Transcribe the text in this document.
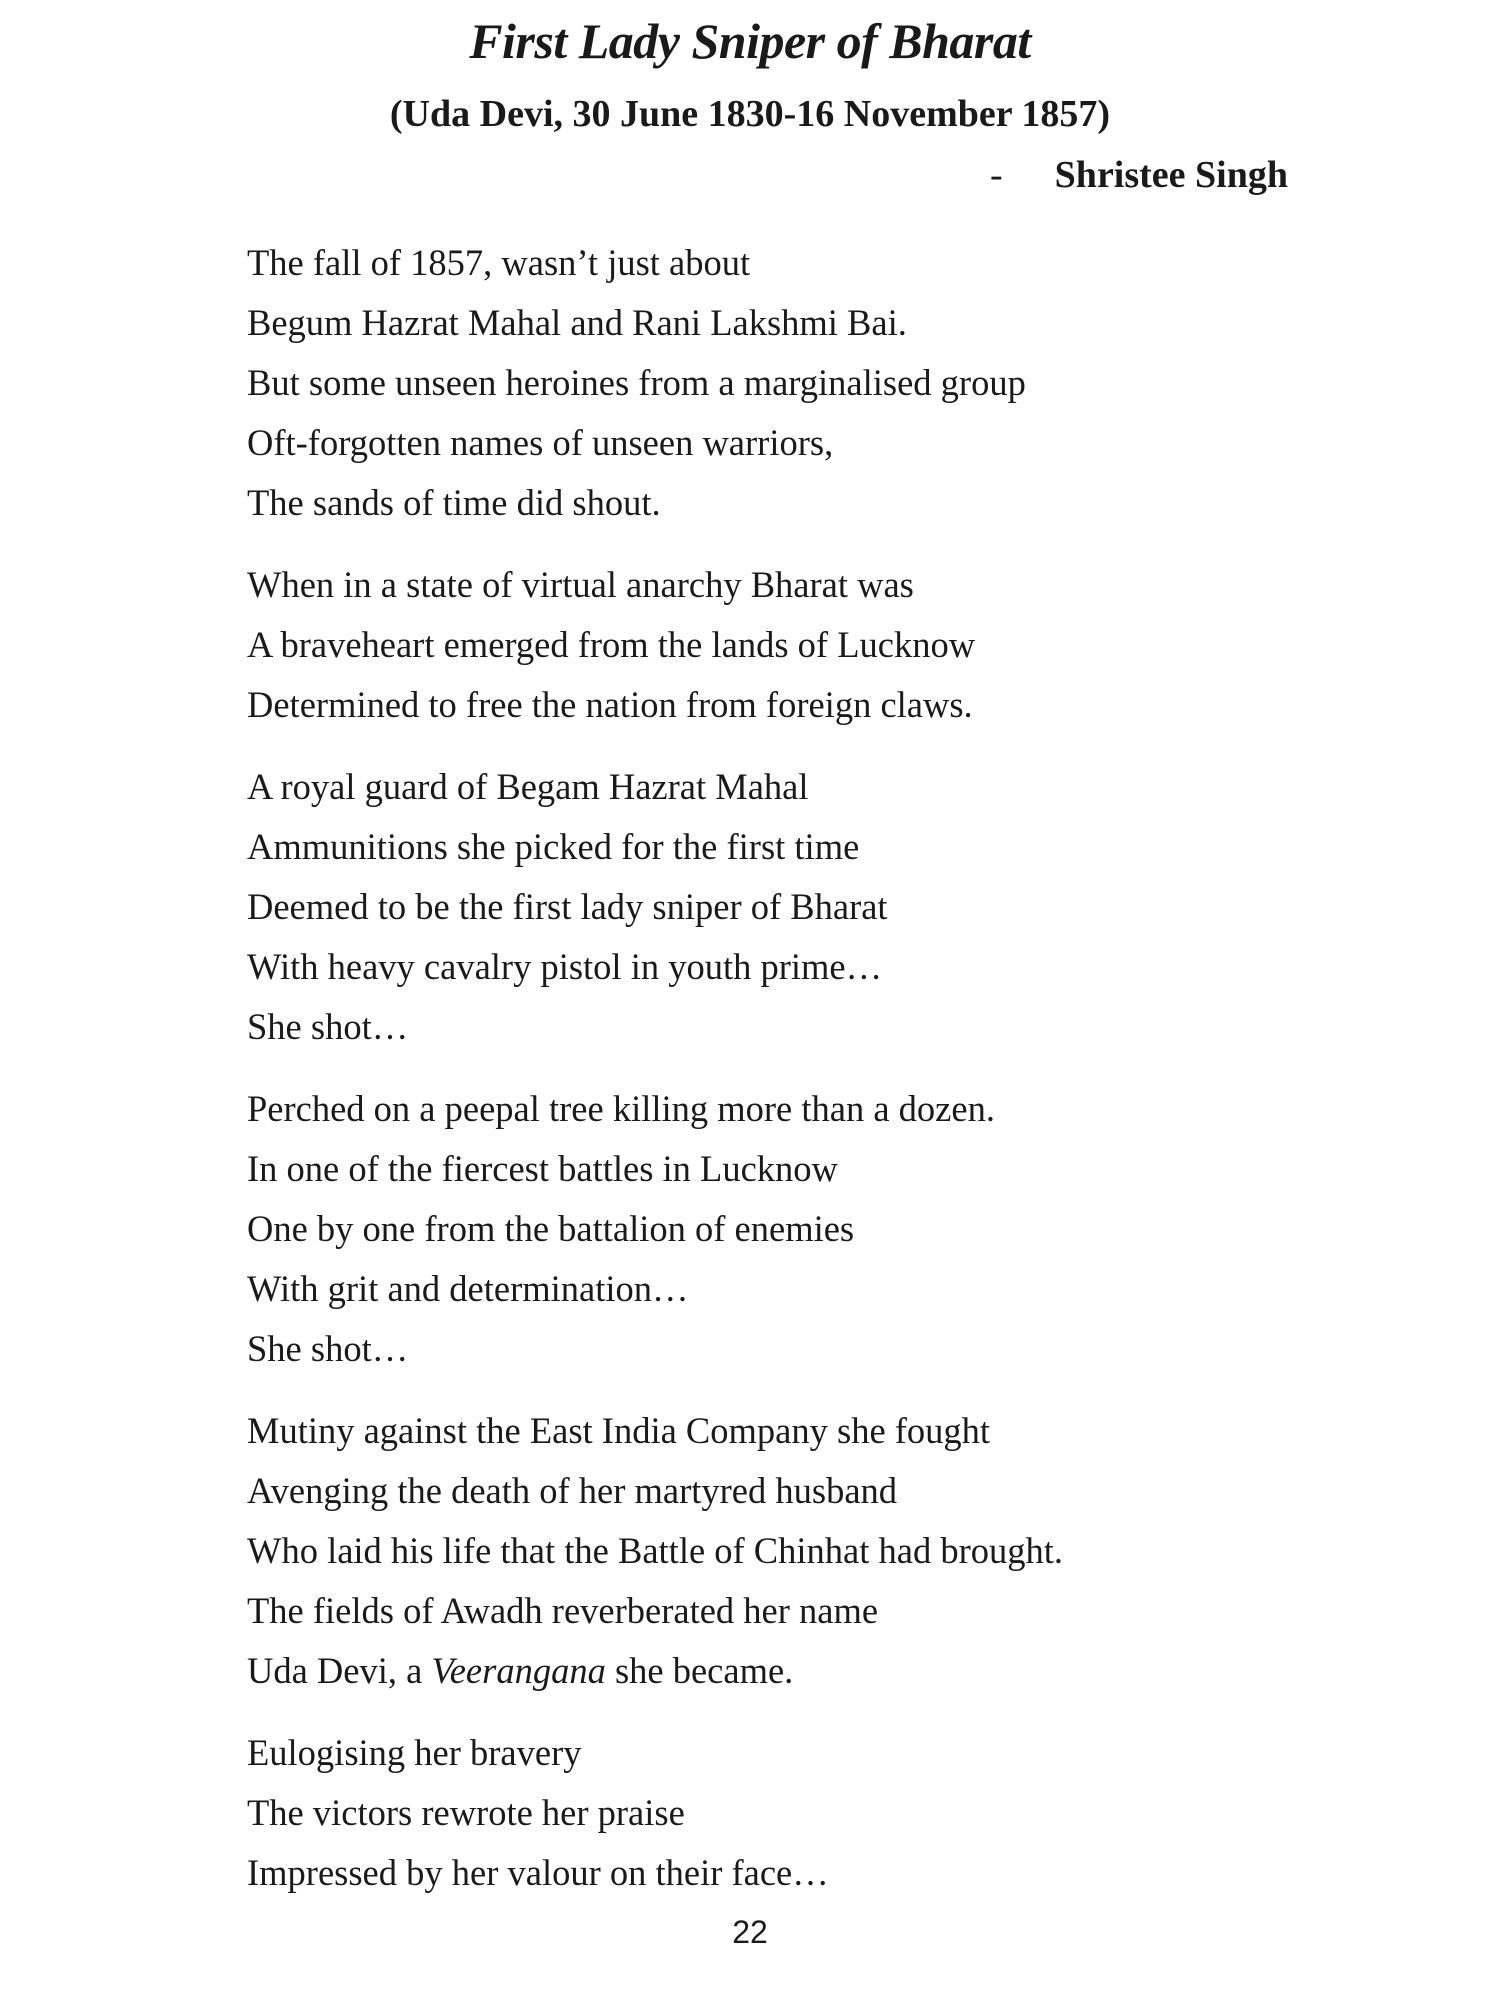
First Lady Sniper of Bharat
(Uda Devi, 30 June 1830-16 November 1857)

- Shristee Singh

The fall of 1857, wasn’t just about
Begum Hazrat Mahal and Rani Lakshmi Bai.
But some unseen heroines from a marginalised group
Oft-forgotten names of unseen warriors,
The sands of time did shout.
When in a state of virtual anarchy Bharat was
A braveheart emerged from the lands of Lucknow
Determined to free the nation from foreign claws.
A royal guard of Begam Hazrat Mahal
Ammunitions she picked for the first time
Deemed to be the first lady sniper of Bharat
With heavy cavalry pistol in youth prime…
She shot…
Perched on a peepal tree killing more than a dozen.
In one of the fiercest battles in Lucknow
One by one from the battalion of enemies
With grit and determination…
She shot…
Mutiny against the East India Company she fought
Avenging the death of her martyred husband
Who laid his life that the Battle of Chinhat had brought.
The fields of Awadh reverberated her name
Uda Devi, a Veerangana she became.
Eulogising her bravery
The victors rewrote her praise
Impressed by her valour on their face…

22
